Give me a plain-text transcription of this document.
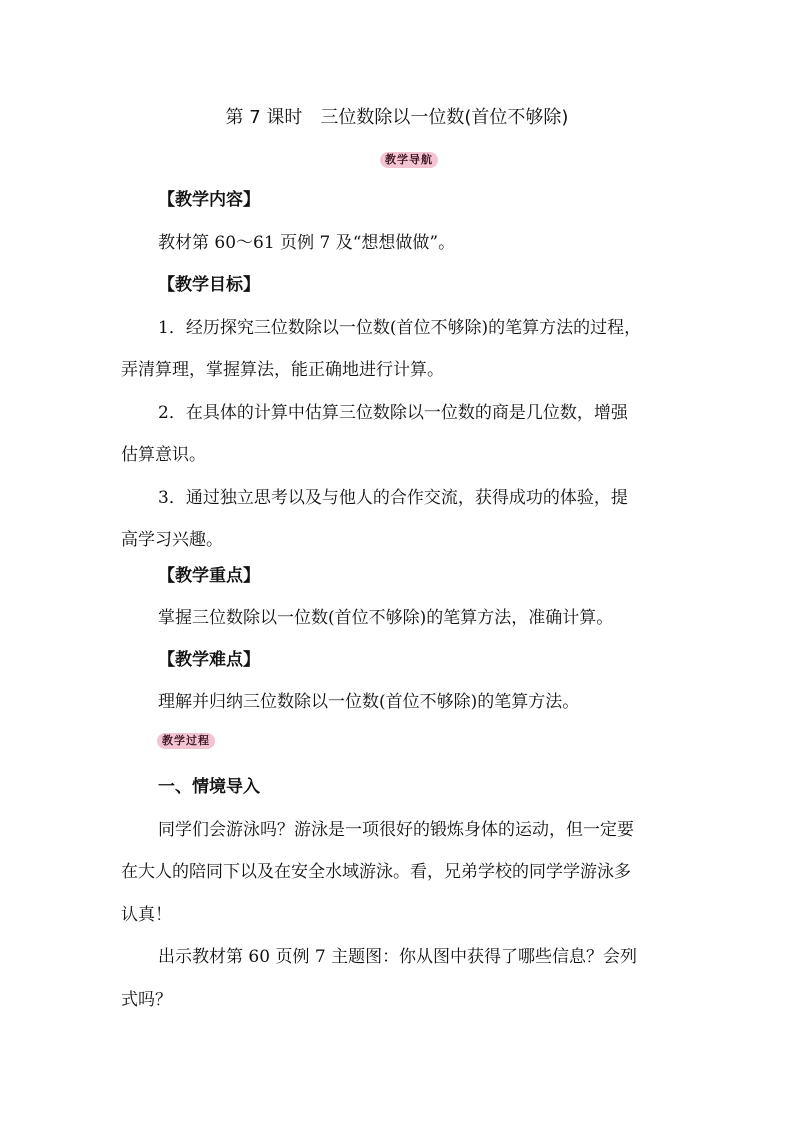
第 7 课时　三位数除以一位数(首位不够除)
教学导航
【教学内容】
教材第 60～61 页例 7 及“想想做做”。
【教学目标】
1．经历探究三位数除以一位数(首位不够除)的笔算方法的过程，
弄清算理，掌握算法，能正确地进行计算。
2．在具体的计算中估算三位数除以一位数的商是几位数，增强
估算意识。
3．通过独立思考以及与他人的合作交流，获得成功的体验，提
高学习兴趣。
【教学重点】
掌握三位数除以一位数(首位不够除)的笔算方法，准确计算。
【教学难点】
理解并归纳三位数除以一位数(首位不够除)的笔算方法。
教学过程
一、情境导入
同学们会游泳吗？游泳是一项很好的锻炼身体的运动，但一定要
在大人的陪同下以及在安全水域游泳。看，兄弟学校的同学学游泳多
认真！
出示教材第 60 页例 7 主题图：你从图中获得了哪些信息？会列
式吗？
